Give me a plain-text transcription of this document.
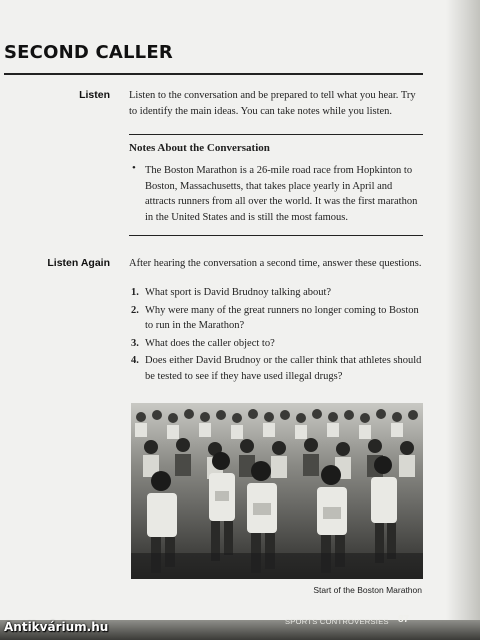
SECOND CALLER
Listen Listen to the conversation and be prepared to tell what you hear. Try to identify the main ideas. You can take notes while you listen.
Notes About the Conversation
• The Boston Marathon is a 26-mile road race from Hopkinton to Boston, Massachusetts, that takes place yearly in April and attracts runners from all over the world. It was the first marathon in the United States and is still the most famous.
Listen Again After hearing the conversation a second time, answer these questions.
1. What sport is David Brudnoy talking about?
2. Why were many of the great runners no longer coming to Boston to run in the Marathon?
3. What does the caller object to?
4. Does either David Brudnoy or the caller think that athletes should be tested to see if they have used illegal drugs?
Start of the Boston Marathon
SPORTS CONTROVERSIES 87
Antikvárium.hu
